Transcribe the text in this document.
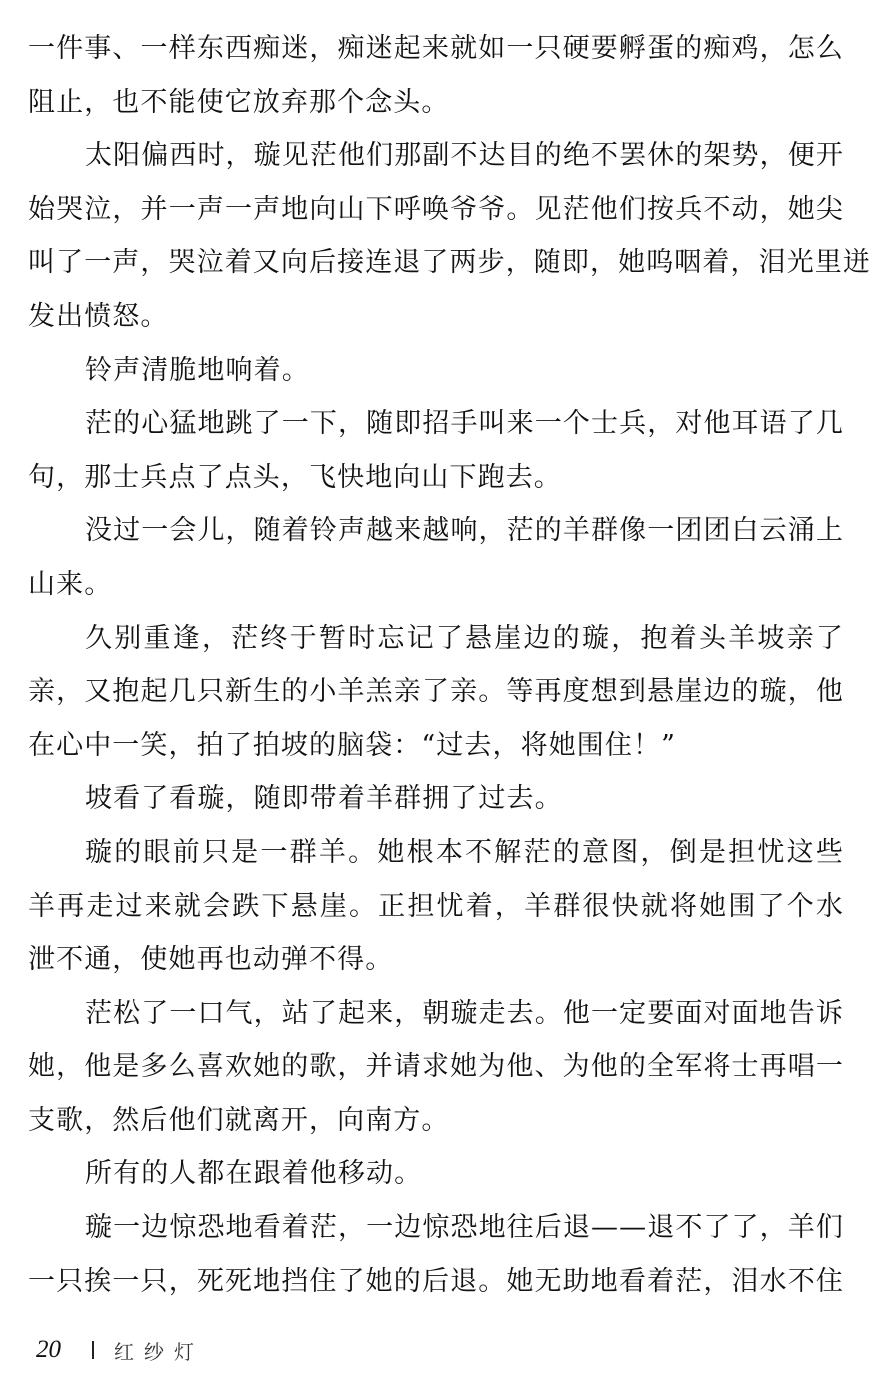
一件事、一样东西痴迷，痴迷起来就如一只硬要孵蛋的痴鸡，怎么
阻止，也不能使它放弃那个念头。
太阳偏西时，璇见茫他们那副不达目的绝不罢休的架势，便开
始哭泣，并一声一声地向山下呼唤爷爷。见茫他们按兵不动，她尖
叫了一声，哭泣着又向后接连退了两步，随即，她呜咽着，泪光里迸
发出愤怒。
铃声清脆地响着。
茫的心猛地跳了一下，随即招手叫来一个士兵，对他耳语了几
句，那士兵点了点头，飞快地向山下跑去。
没过一会儿，随着铃声越来越响，茫的羊群像一团团白云涌上
山来。
久别重逢，茫终于暂时忘记了悬崖边的璇，抱着头羊坡亲了
亲，又抱起几只新生的小羊羔亲了亲。等再度想到悬崖边的璇，他
在心中一笑，拍了拍坡的脑袋：“过去，将她围住！”
坡看了看璇，随即带着羊群拥了过去。
璇的眼前只是一群羊。她根本不解茫的意图，倒是担忧这些
羊再走过来就会跌下悬崖。正担忧着，羊群很快就将她围了个水
泄不通，使她再也动弹不得。
茫松了一口气，站了起来，朝璇走去。他一定要面对面地告诉
她，他是多么喜欢她的歌，并请求她为他、为他的全军将士再唱一
支歌，然后他们就离开，向南方。
所有的人都在跟着他移动。
璇一边惊恐地看着茫，一边惊恐地往后退——退不了了，羊们
一只挨一只，死死地挡住了她的后退。她无助地看着茫，泪水不住
20	红纱灯
